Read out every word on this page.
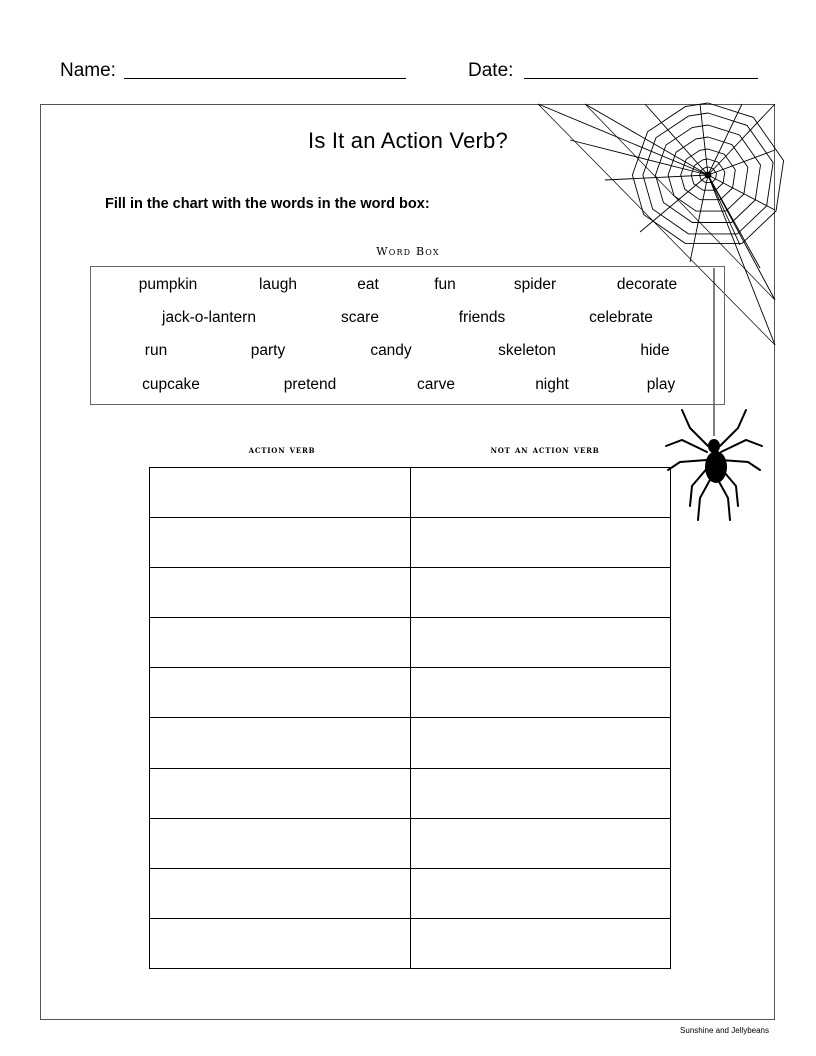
Name:	Date:
Is It an Action Verb?
Fill in the chart with the words in the word box:
Word Box
pumpkin	laugh	eat	fun	spider	decorate
jack-o-lantern	scare	friends	celebrate
run	party	candy	skeleton	hide
cupcake	pretend	carve	night	play
action verb	not an action verb

Sunshine and Jellybeans
